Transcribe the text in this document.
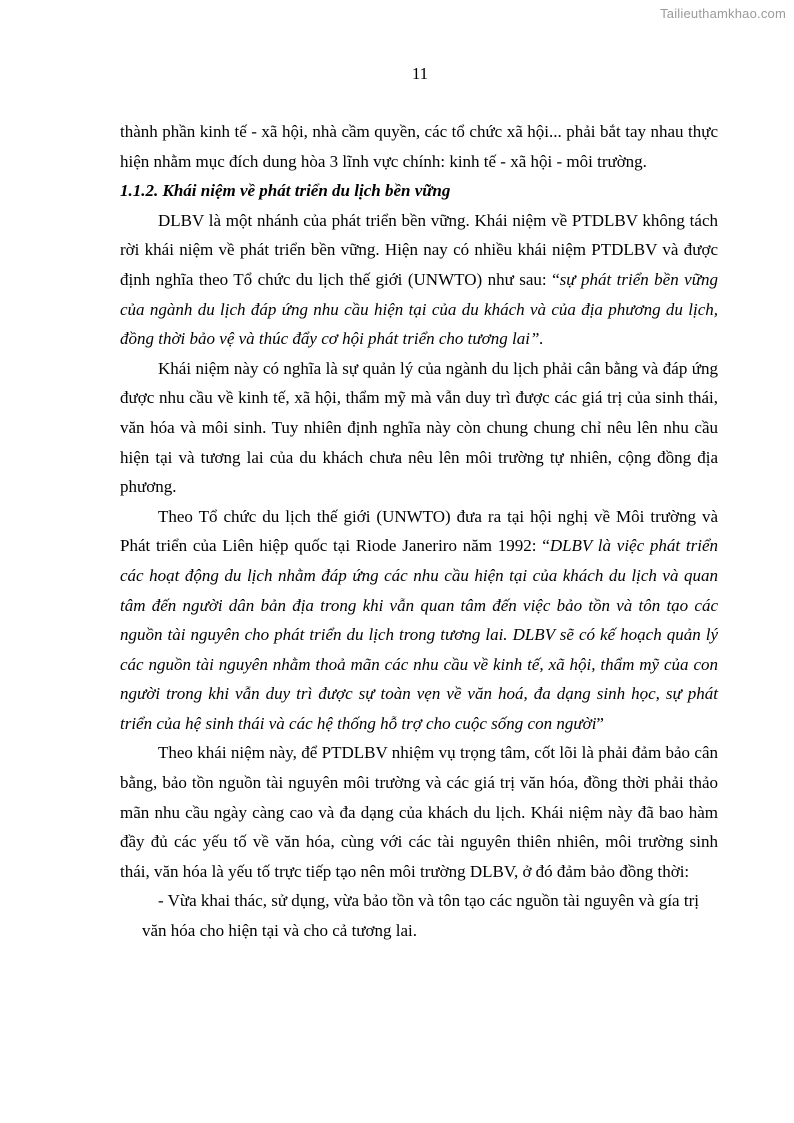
Tailieuthamkhao.com
11

thành phần kinh tế - xã hội, nhà cầm quyền, các tổ chức xã hội... phải bắt tay nhau thực hiện nhằm mục đích dung hòa 3 lĩnh vực chính: kinh tế - xã hội - môi trường.

1.1.2. Khái niệm về phát triển du lịch bền vững

DLBV là một nhánh của phát triển bền vững. Khái niệm về PTDLBV không tách rời khái niệm về phát triển bền vững. Hiện nay có nhiều khái niệm PTDLBV và được định nghĩa theo Tổ chức du lịch thế giới (UNWTO) như sau: “sự phát triển bền vững của ngành du lịch đáp ứng nhu cầu hiện tại của du khách và của địa phương du lịch, đồng thời bảo vệ và thúc đẩy cơ hội phát triển cho tương lai”.

Khái niệm này có nghĩa là sự quản lý của ngành du lịch phải cân bằng và đáp ứng được nhu cầu về kinh tế, xã hội, thẩm mỹ mà vẫn duy trì được các giá trị của sinh thái, văn hóa và môi sinh. Tuy nhiên định nghĩa này còn chung chung chỉ nêu lên nhu cầu hiện tại và tương lai của du khách chưa nêu lên môi trường tự nhiên, cộng đồng địa phương.

Theo Tổ chức du lịch thế giới (UNWTO) đưa ra tại hội nghị về Môi trường và Phát triển của Liên hiệp quốc tại Riode Janeriro năm 1992: “DLBV là việc phát triển các hoạt động du lịch nhằm đáp ứng các nhu cầu hiện tại của khách du lịch và quan tâm đến người dân bản địa trong khi vẫn quan tâm đến việc bảo tồn và tôn tạo các nguồn tài nguyên cho phát triển du lịch trong tương lai. DLBV sẽ có kế hoạch quản lý các nguồn tài nguyên nhằm thoả mãn các nhu cầu về kinh tế, xã hội, thẩm mỹ của con người trong khi vẫn duy trì được sự toàn vẹn về văn hoá, đa dạng sinh học, sự phát triển của hệ sinh thái và các hệ thống hỗ trợ cho cuộc sống con người”

Theo khái niệm này, để PTDLBV nhiệm vụ trọng tâm, cốt lõi là phải đảm bảo cân bằng, bảo tồn nguồn tài nguyên môi trường và các giá trị văn hóa, đồng thời phải thảo mãn nhu cầu ngày càng cao và đa dạng của khách du lịch. Khái niệm này đã bao hàm đầy đủ các yếu tố về văn hóa, cùng với các tài nguyên thiên nhiên, môi trường sinh thái, văn hóa là yếu tố trực tiếp tạo nên môi trường DLBV, ở đó đảm bảo đồng thời:

- Vừa khai thác, sử dụng, vừa bảo tồn và tôn tạo các nguồn tài nguyên và gía trị
văn hóa cho hiện tại và cho cả tương lai.
